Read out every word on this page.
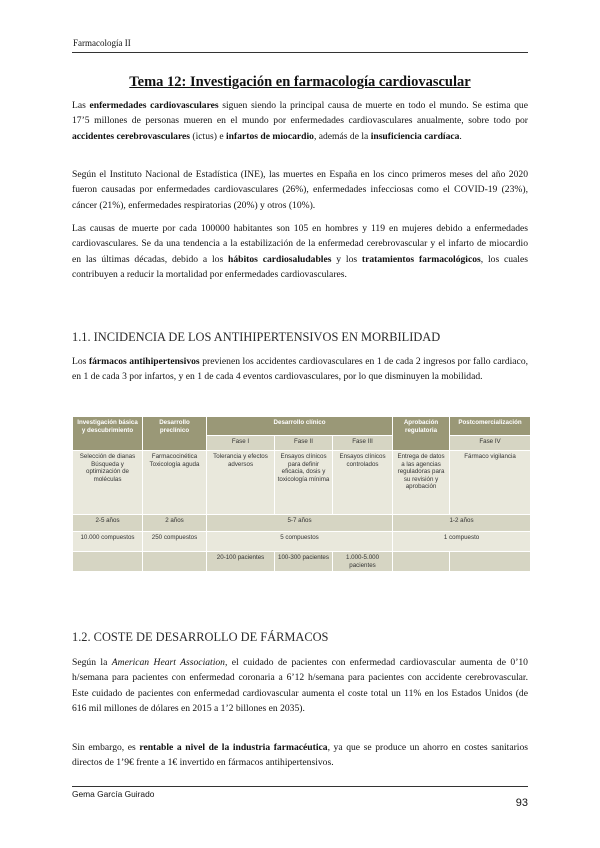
Farmacología II
Tema 12: Investigación en farmacología cardiovascular

Las enfermedades cardiovasculares siguen siendo la principal causa de muerte en todo el mundo. Se estima que 17’5 millones de personas mueren en el mundo por enfermedades cardiovasculares anualmente, sobre todo por accidentes cerebrovasculares (ictus) e infartos de miocardio, además de la insuficiencia cardíaca.

Según el Instituto Nacional de Estadística (INE), las muertes en España en los cinco primeros meses del año 2020 fueron causadas por enfermedades cardiovasculares (26%), enfermedades infecciosas como el COVID-19 (23%), cáncer (21%), enfermedades respiratorias (20%) y otros (10%).

Las causas de muerte por cada 100000 habitantes son 105 en hombres y 119 en mujeres debido a enfermedades cardiovasculares. Se da una tendencia a la estabilización de la enfermedad cerebrovascular y el infarto de miocardio en las últimas décadas, debido a los hábitos cardiosaludables y los tratamientos farmacológicos, los cuales contribuyen a reducir la mortalidad por enfermedades cardiovasculares.

1.1. INCIDENCIA DE LOS ANTIHIPERTENSIVOS EN MORBILIDAD

Los fármacos antihipertensivos previenen los accidentes cardiovasculares en 1 de cada 2 ingresos por fallo cardiaco, en 1 de cada 3 por infartos, y en 1 de cada 4 eventos cardiovasculares, por lo que disminuyen la mobilidad.

Investigación básica y descubrimiento	Desarrollo preclínico	Desarrollo clínico			Aprobación regulatoria	Postcomercialización
		Fase I	Fase II	Fase III		Fase IV
Selección de dianas Búsqueda y optimización de moléculas	Farmacocinética Toxicología aguda	Tolerancia y efectos adversos	Ensayos clínicos para definir eficacia, dosis y toxicología mínima	Ensayos clínicos controlados	Entrega de datos a las agencias reguladoras para su revisión y aprobación	Fármaco vigilancia
2-5 años	2 años	5-7 años			1-2 años	
10.000 compuestos	250 compuestos	5 compuestos			1 compuesto	
		20-100 pacientes	100-300 pacientes	1.000-5.000 pacientes		
1.2. COSTE DE DESARROLLO DE FÁRMACOS

Según la American Heart Association, el cuidado de pacientes con enfermedad cardiovascular aumenta de 0’10 h/semana para pacientes con enfermedad coronaria a 6’12 h/semana para pacientes con accidente cerebrovascular. Este cuidado de pacientes con enfermedad cardiovascular aumenta el coste total un 11% en los Estados Unidos (de 616 mil millones de dólares en 2015 a 1’2 billones en 2035).

Sin embargo, es rentable a nivel de la industria farmacéutica, ya que se produce un ahorro en costes sanitarios directos de 1’9€ frente a 1€ invertido en fármacos antihipertensivos.

Gema García Guirado
93
